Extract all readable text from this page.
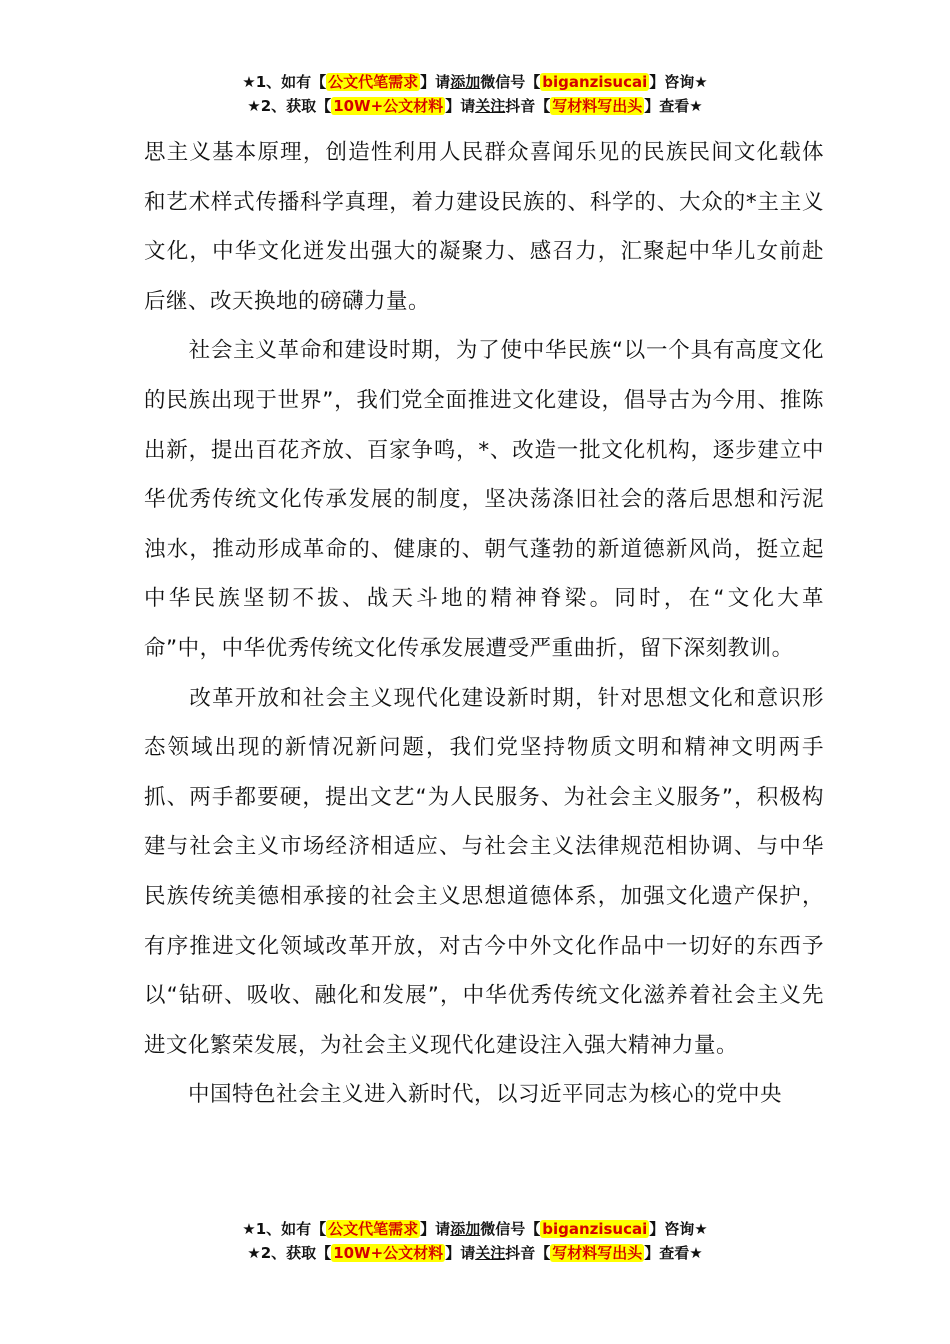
★1、如有【 公文代笔需求 】请添加微信号【 biganzisucai 】咨询★
★2、获取【 10W+公文材料 】请关注抖音【 写材料写出头 】查看★

思主义基本原理，创造性利用人民群众喜闻乐见的民族民间文化载体和艺术样式传播科学真理，着力建设民族的、科学的、大众的*主主义文化，中华文化迸发出强大的凝聚力、感召力，汇聚起中华儿女前赴后继、改天换地的磅礴力量。

社会主义革命和建设时期，为了使中华民族“以一个具有高度文化的民族出现于世界”，我们党全面推进文化建设，倡导古为今用、推陈出新，提出百花齐放、百家争鸣，*、改造一批文化机构，逐步建立中华优秀传统文化传承发展的制度，坚决荡涤旧社会的落后思想和污泥浊水，推动形成革命的、健康的、朝气蓬勃的新道德新风尚，挺立起中华民族坚韧不拔、战天斗地的精神脊梁。同时，在“文化大革命”中，中华优秀传统文化传承发展遭受严重曲折，留下深刻教训。

改革开放和社会主义现代化建设新时期，针对思想文化和意识形态领域出现的新情况新问题，我们党坚持物质文明和精神文明两手抓、两手都要硬，提出文艺“为人民服务、为社会主义服务”，积极构建与社会主义市场经济相适应、与社会主义法律规范相协调、与中华民族传统美德相承接的社会主义思想道德体系，加强文化遗产保护，有序推进文化领域改革开放，对古今中外文化作品中一切好的东西予以“钻研、吸收、融化和发展”，中华优秀传统文化滋养着社会主义先进文化繁荣发展，为社会主义现代化建设注入强大精神力量。

中国特色社会主义进入新时代，以习近平同志为核心的党中央

★1、如有【 公文代笔需求 】请添加微信号【 biganzisucai 】咨询★
★2、获取【 10W+公文材料 】请关注抖音【 写材料写出头 】查看★
